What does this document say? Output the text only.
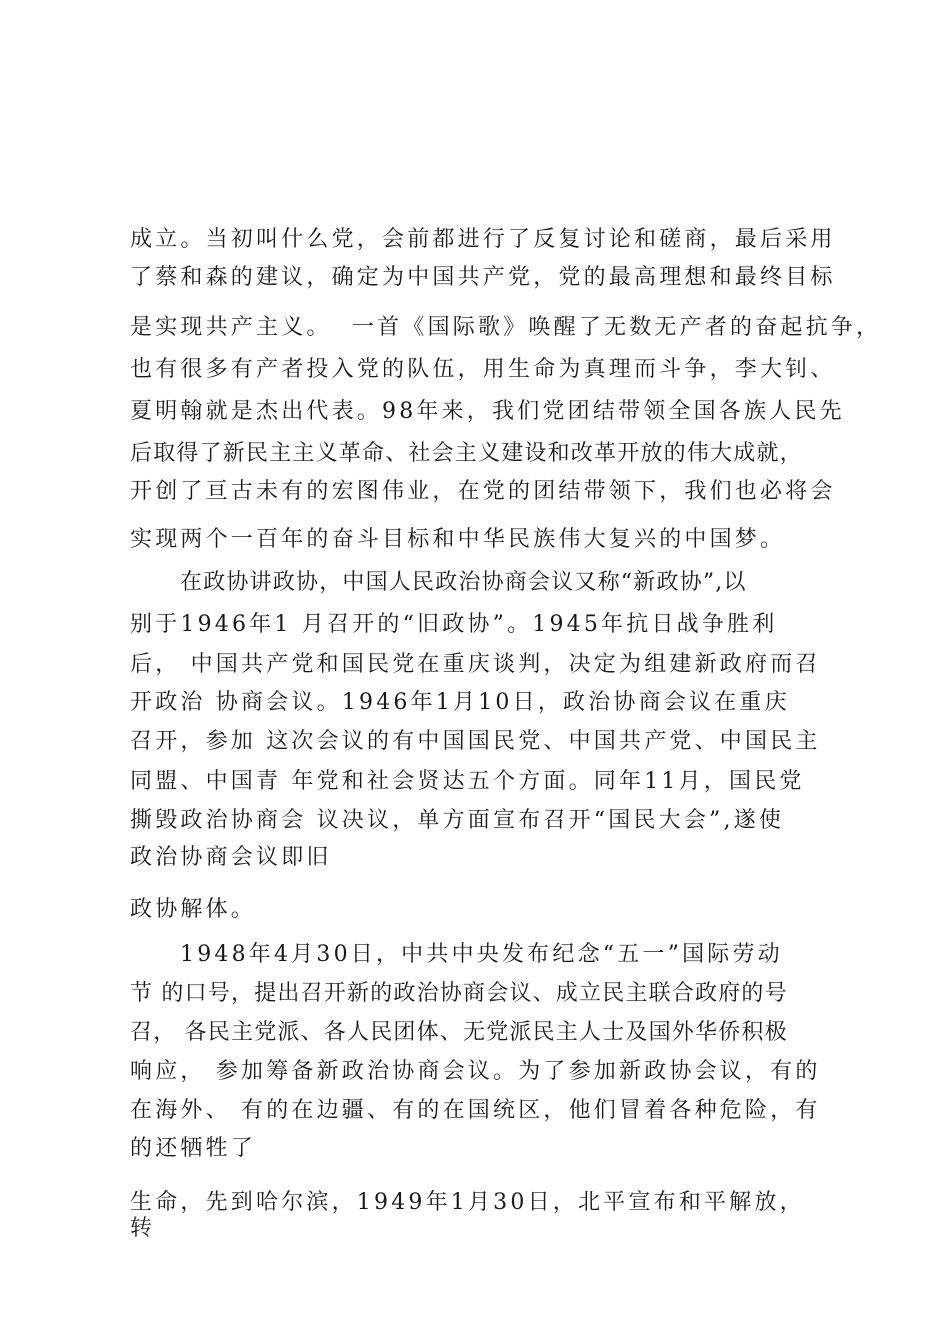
成立。当初叫什么党，会前都进行了反复讨论和磋商，最后采用
了蔡和森的建议，确定为中国共产党，党的最高理想和最终目标
是实现共产主义。  一首《国际歌》唤醒了无数无产者的奋起抗争，
也有很多有产者投入党的队伍，用生命为真理而斗争，李大钊、
夏明翰就是杰出代表。98年来，我们党团结带领全国各族人民先
后取得了新民主主义革命、社会主义建设和改革开放的伟大成就，
开创了亘古未有的宏图伟业，在党的团结带领下，我们也必将会
实现两个一百年的奋斗目标和中华民族伟大复兴的中国梦。
在政协讲政协，中国人民政治协商会议又称“新政协”,以
别于1946年1 月召开的“旧政协”。1945年抗日战争胜利
后， 中国共产党和国民党在重庆谈判，决定为组建新政府而召
开政治 协商会议。1946年1月10日，政治协商会议在重庆
召开，参加 这次会议的有中国国民党、中国共产党、中国民主
同盟、中国青 年党和社会贤达五个方面。同年11月，国民党
撕毁政治协商会 议决议，单方面宣布召开“国民大会”,遂使
政治协商会议即旧
政协解体。
1948年4月30日，中共中央发布纪念“五一”国际劳动
节 的口号，提出召开新的政治协商会议、成立民主联合政府的号
召， 各民主党派、各人民团体、无党派民主人士及国外华侨积极
响应， 参加筹备新政治协商会议。为了参加新政协会议，有的
在海外、 有的在边疆、有的在国统区，他们冒着各种危险，有
的还牺牲了
生命，先到哈尔滨，1949年1月30日，北平宣布和平解放，
转
